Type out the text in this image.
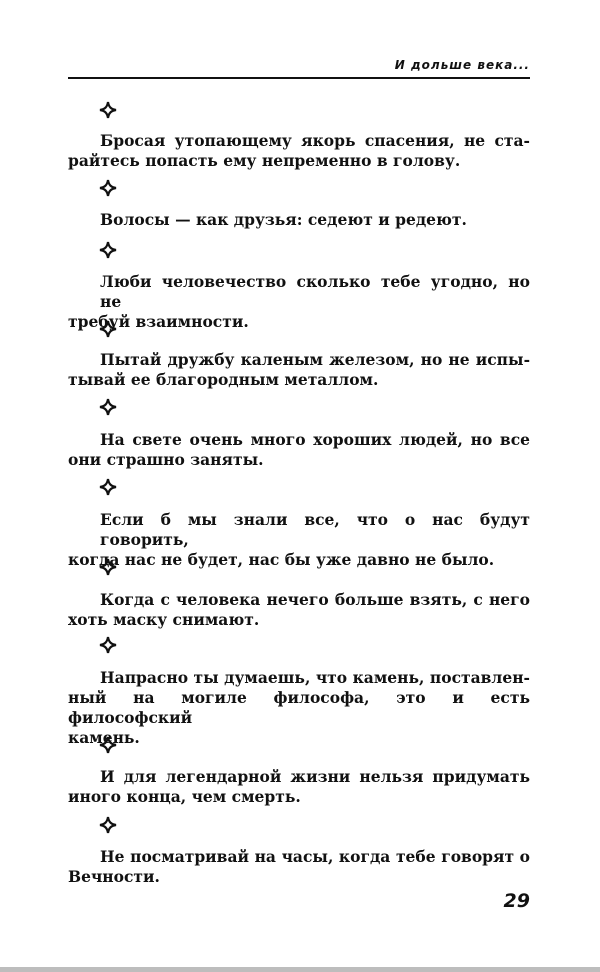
И дольше века...
Бросая утопающему якорь спасения, не ста-
райтесь попасть ему непременно в голову.
Волосы — как друзья: седеют и редеют.
Люби человечество сколько тебе угодно, но не
требуй взаимности.
Пытай дружбу каленым железом, но не испы-
тывай ее благородным металлом.
На свете очень много хороших людей, но все
они страшно заняты.
Если б мы знали все, что о нас будут говорить,
когда нас не будет, нас бы уже давно не было.
Когда с человека нечего больше взять, с него
хоть маску снимают.
Напрасно ты думаешь, что камень, поставлен-
ный на могиле философа, это и есть философский
камень.
И для легендарной жизни нельзя придумать
иного конца, чем смерть.
Не посматривай на часы, когда тебе говорят о
Вечности.
29
